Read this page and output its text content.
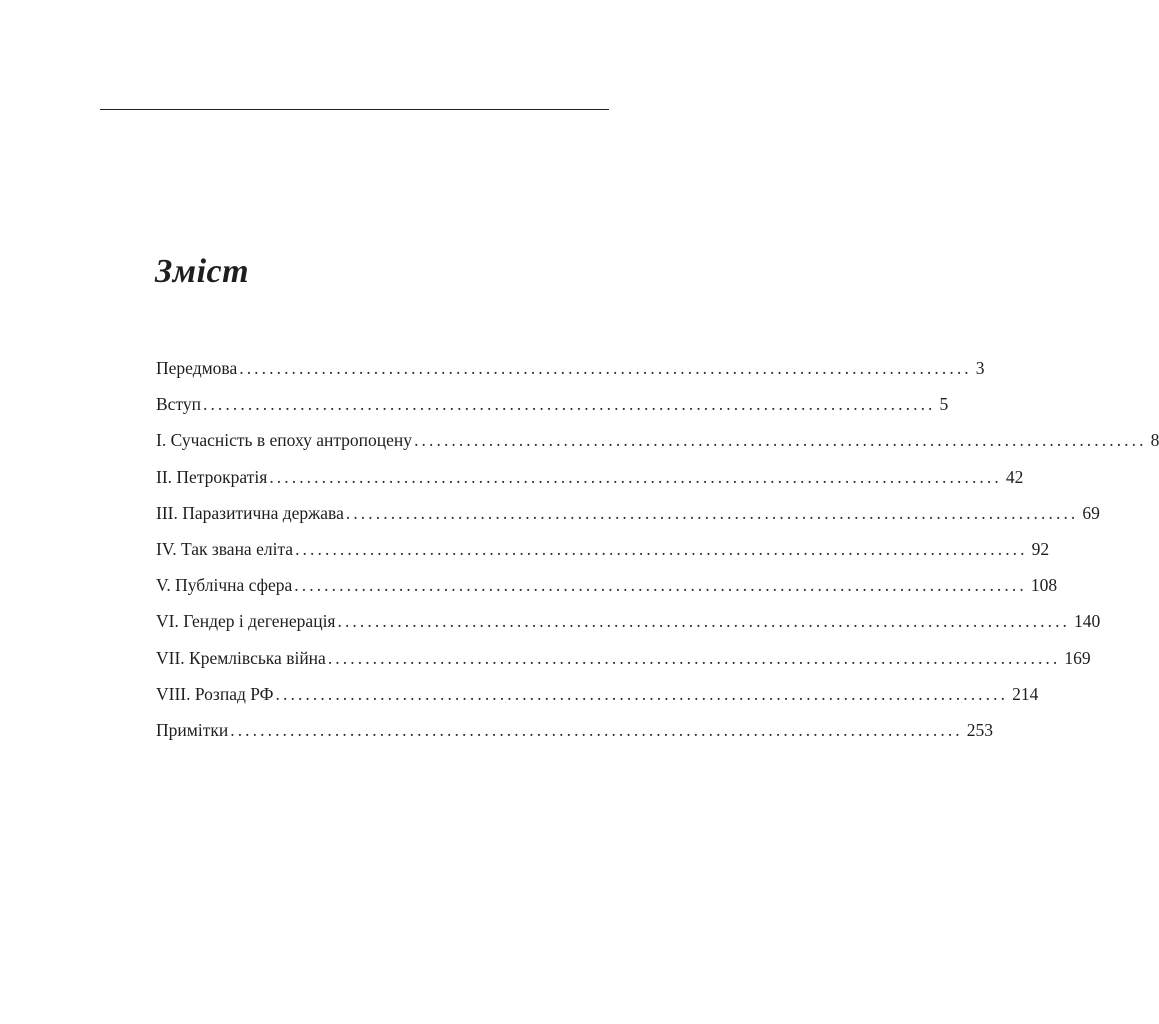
Зміст
Передмова .................................................................................................. 3
Вступ .................................................................................................. 5
I. Сучасність в епоху антропоцену .................................................................................................. 8
II. Петрократія .................................................................................................. 42
III. Паразитична держава .................................................................................................. 69
IV. Так звана еліта .................................................................................................. 92
V. Публічна сфера .................................................................................................. 108
VI. Гендер і дегенерація .................................................................................................. 140
VII. Кремлівська війна .................................................................................................. 169
VIII. Розпад РФ .................................................................................................. 214
Примітки .................................................................................................. 253
